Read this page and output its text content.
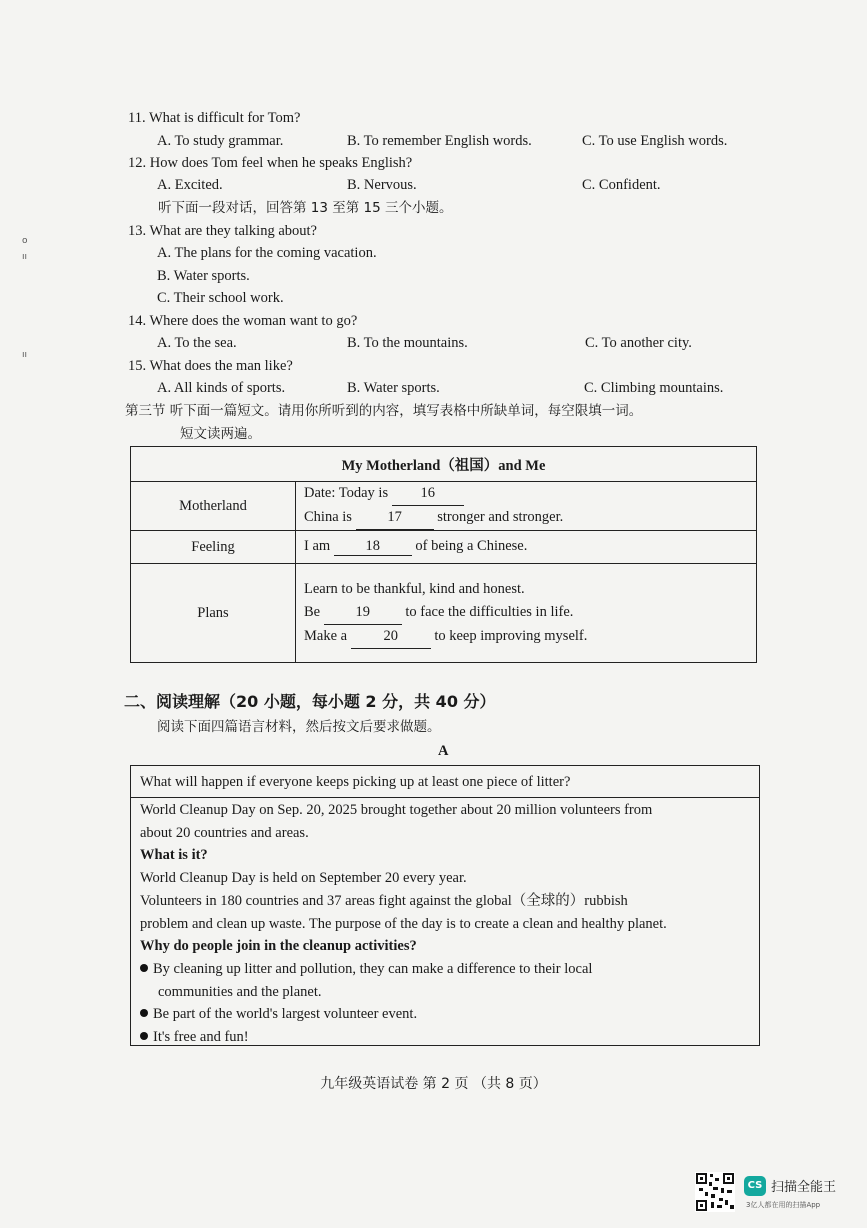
o
ıı
ıı
11. What is difficult for Tom?
A. To study grammar.	B. To remember English words.	C. To use English words.
12. How does Tom feel when he speaks English?
A. Excited.	B. Nervous.	C. Confident.
听下面一段对话，回答第 13 至第 15 三个小题。
13. What are they talking about?
A. The plans for the coming vacation.
B. Water sports.
C. Their school work.
14. Where does the woman want to go?
A. To the sea.	B. To the mountains.	C. To another city.
15. What does the man like?
A. All kinds of sports.	B. Water sports.	C. Climbing mountains.
第三节 听下面一篇短文。请用你所听到的内容，填写表格中所缺单词，每空限填一词。
短文读两遍。
My Motherland（祖国）and Me	
Motherland	Date: Today is 16
China is 17 stronger and stronger.

Feeling	I am 18 of being a Chinese.
Plans	Learn to be thankful, kind and honest.
Be 19 to face the difficulties in life.
Make a 20 to keep improving myself.
二、阅读理解（20 小题，每小题 2 分，共 40 分）
阅读下面四篇语言材料，然后按文后要求做题。
A
What will happen if everyone keeps picking up at least one piece of litter?
World Cleanup Day on Sep. 20, 2025 brought together about 20 million volunteers from
about 20 countries and areas.
What is it?
World Cleanup Day is held on September 20 every year.
Volunteers in 180 countries and 37 areas fight against the global（全球的）rubbish
problem and clean up waste. The purpose of the day is to create a clean and healthy planet.
Why do people join in the cleanup activities?
By cleaning up litter and pollution, they can make a difference to their local
communities and the planet.
Be part of the world's largest volunteer event.
It's free and fun!
九年级英语试卷 第 2 页 （共 8 页）
CS 扫描全能王
3亿人都在用的扫描App
